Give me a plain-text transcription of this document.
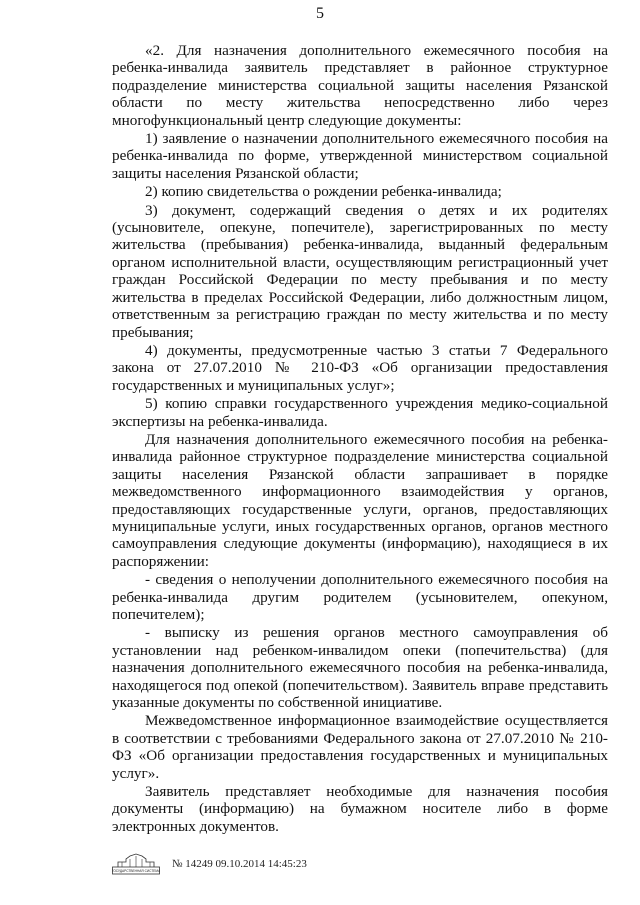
5

«2. Для назначения дополнительного ежемесячного пособия на ребенка-инвалида заявитель представляет в районное структурное подразделение министерства социальной защиты населения Рязанской области по месту жительства непосредственно либо через многофункциональный центр следующие документы:

1) заявление о назначении дополнительного ежемесячного пособия на ребенка-инвалида по форме, утвержденной министерством социальной защиты населения Рязанской области;

2) копию свидетельства о рождении ребенка-инвалида;

3) документ, содержащий сведения о детях и их родителях (усыновителе, опекуне, попечителе), зарегистрированных по месту жительства (пребывания) ребенка-инвалида, выданный федеральным органом исполнительной власти, осуществляющим регистрационный учет граждан Российской Федерации по месту пребывания и по месту жительства в пределах Российской Федерации, либо должностным лицом, ответственным за регистрацию граждан по месту жительства и по месту пребывания;

4) документы, предусмотренные частью 3 статьи 7 Федерального закона от 27.07.2010 № 210-ФЗ «Об организации предоставления государственных и муниципальных услуг»;

5) копию справки государственного учреждения медико-социальной экспертизы на ребенка-инвалида.

Для назначения дополнительного ежемесячного пособия на ребенка-инвалида районное структурное подразделение министерства социальной защиты населения Рязанской области запрашивает в порядке межведомственного информационного взаимодействия у органов, предоставляющих государственные услуги, органов, предоставляющих муниципальные услуги, иных государственных органов, органов местного самоуправления следующие документы (информацию), находящиеся в их распоряжении:

- сведения о неполучении дополнительного ежемесячного пособия на ребенка-инвалида другим родителем (усыновителем, опекуном, попечителем);

- выписку из решения органов местного самоуправления об установлении над ребенком-инвалидом опеки (попечительства) (для назначения дополнительного ежемесячного пособия на ребенка-инвалида, находящегося под опекой (попечительством). Заявитель вправе представить указанные документы по собственной инициативе.

Межведомственное информационное взаимодействие осуществляется в соответствии с требованиями Федерального закона от 27.07.2010 № 210-ФЗ «Об организации предоставления государственных и муниципальных услуг».

Заявитель представляет необходимые для назначения пособия документы (информацию) на бумажном носителе либо в форме электронных документов.

ГОСУДАРСТВЕННАЯ СИСТЕМА
№ 14249 09.10.2014 14:45:23
